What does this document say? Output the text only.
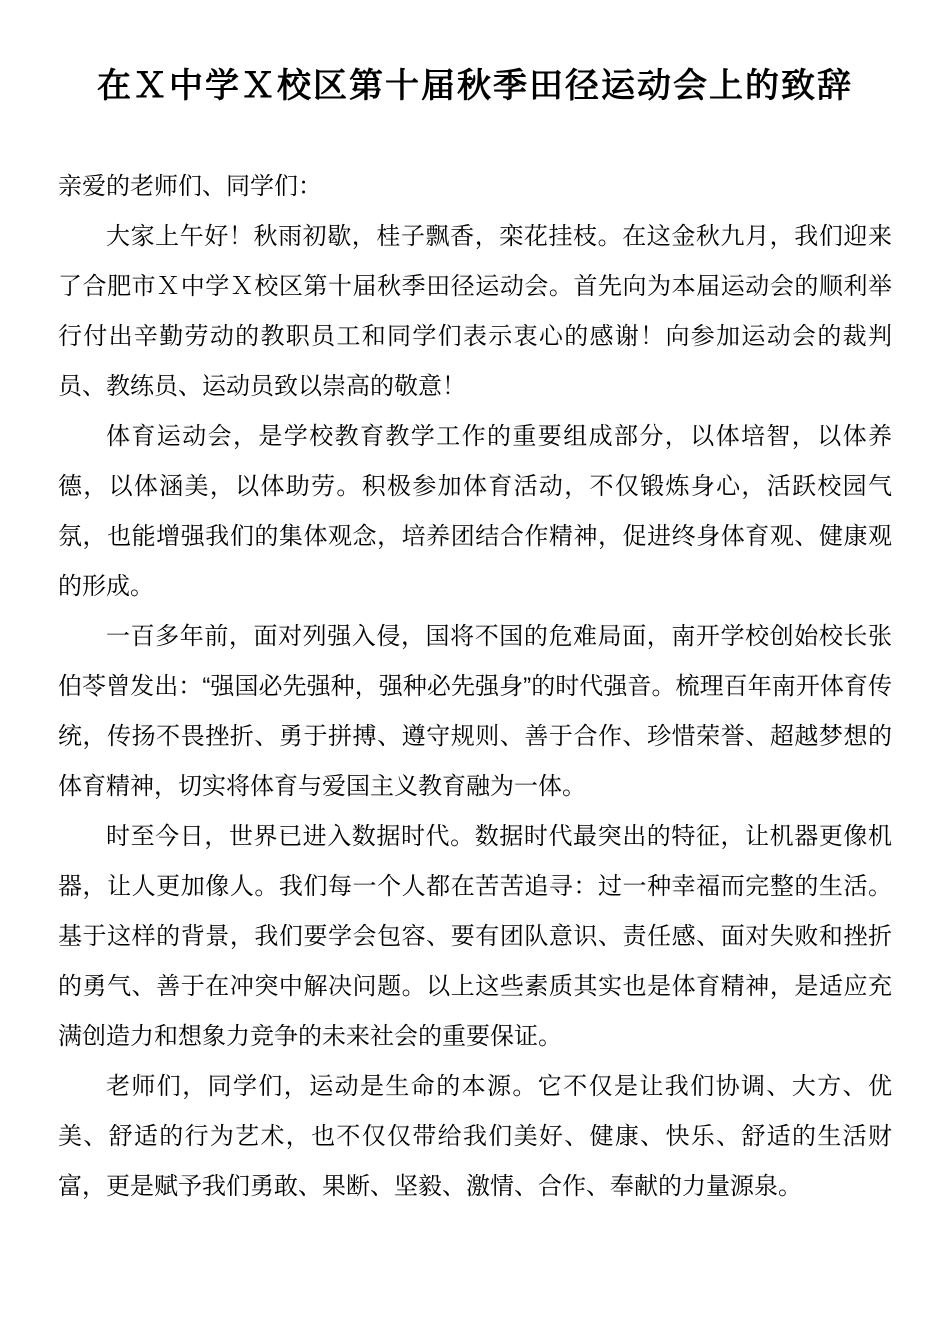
在Ｘ中学Ｘ校区第十届秋季田径运动会上的致辞

亲爱的老师们、同学们：

大家上午好！秋雨初歇，桂子飘香，栾花挂枝。在这金秋九月，我们迎来了合肥市Ｘ中学Ｘ校区第十届秋季田径运动会。首先向为本届运动会的顺利举行付出辛勤劳动的教职员工和同学们表示衷心的感谢！向参加运动会的裁判员、教练员、运动员致以崇高的敬意！

体育运动会，是学校教育教学工作的重要组成部分，以体培智，以体养德，以体涵美，以体助劳。积极参加体育活动，不仅锻炼身心，活跃校园气氛，也能增强我们的集体观念，培养团结合作精神，促进终身体育观、健康观的形成。

一百多年前，面对列强入侵，国将不国的危难局面，南开学校创始校长张伯苓曾发出：“强国必先强种，强种必先强身”的时代强音。梳理百年南开体育传统，传扬不畏挫折、勇于拼搏、遵守规则、善于合作、珍惜荣誉、超越梦想的体育精神，切实将体育与爱国主义教育融为一体。

时至今日，世界已进入数据时代。数据时代最突出的特征，让机器更像机器，让人更加像人。我们每一个人都在苦苦追寻：过一种幸福而完整的生活。基于这样的背景，我们要学会包容、要有团队意识、责任感、面对失败和挫折的勇气、善于在冲突中解决问题。以上这些素质其实也是体育精神，是适应充满创造力和想象力竞争的未来社会的重要保证。

老师们，同学们，运动是生命的本源。它不仅是让我们协调、大方、优美、舒适的行为艺术，也不仅仅带给我们美好、健康、快乐、舒适的生活财富，更是赋予我们勇敢、果断、坚毅、激情、合作、奉献的力量源泉。
